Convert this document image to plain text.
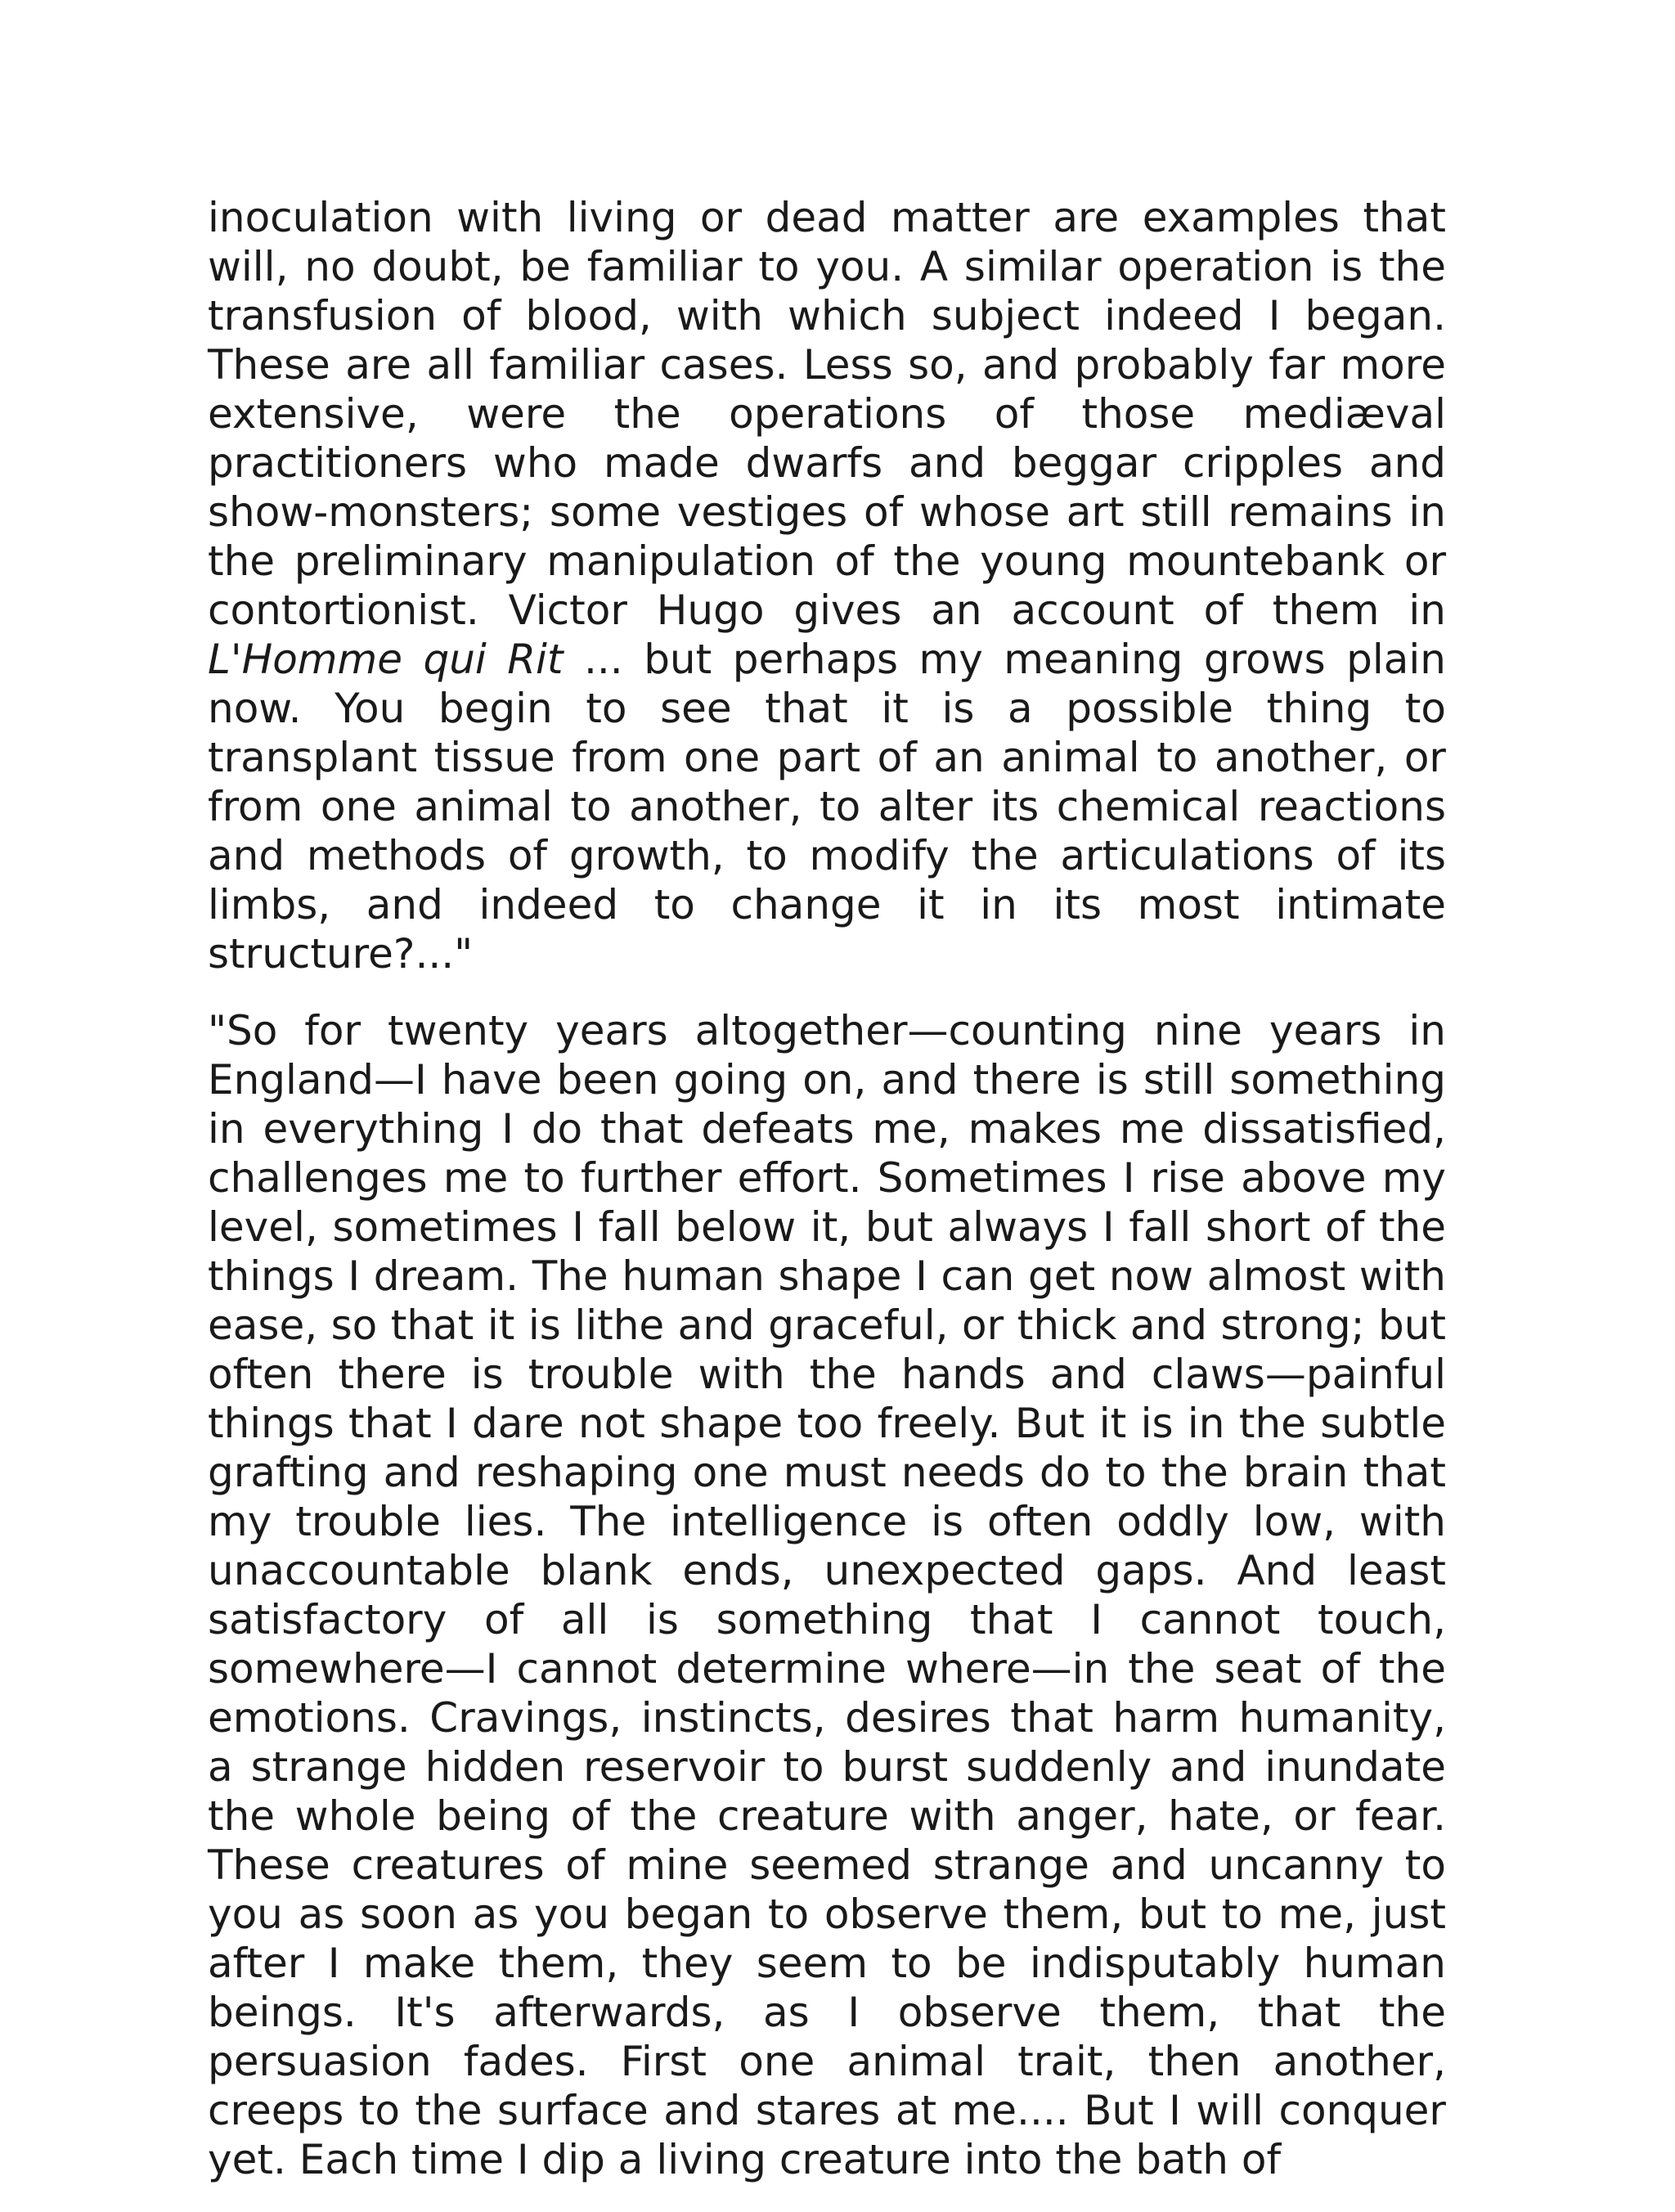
inoculation with living or dead matter are examples that will, no doubt, be familiar to you. A similar operation is the transfusion of blood, with which subject indeed I began. These are all familiar cases. Less so, and probably far more extensive, were the operations of those mediæval practitioners who made dwarfs and beggar cripples and show-monsters; some vestiges of whose art still remains in the preliminary manipulation of the young mountebank or contortionist. Victor Hugo gives an account of them in L'Homme qui Rit ... but perhaps my meaning grows plain now. You begin to see that it is a possible thing to transplant tissue from one part of an animal to another, or from one animal to another, to alter its chemical reactions and methods of growth, to modify the articulations of its limbs, and indeed to change it in its most intimate structure?..."

"So for twenty years altogether—counting nine years in England—I have been going on, and there is still something in everything I do that defeats me, makes me dissatisfied, challenges me to further effort. Sometimes I rise above my level, sometimes I fall below it, but always I fall short of the things I dream. The human shape I can get now almost with ease, so that it is lithe and graceful, or thick and strong; but often there is trouble with the hands and claws—painful things that I dare not shape too freely. But it is in the subtle grafting and reshaping one must needs do to the brain that my trouble lies. The intelligence is often oddly low, with unaccountable blank ends, unexpected gaps. And least satisfactory of all is something that I cannot touch, somewhere—I cannot determine where—in the seat of the emotions. Cravings, instincts, desires that harm humanity, a strange hidden reservoir to burst suddenly and inundate the whole being of the creature with anger, hate, or fear. These creatures of mine seemed strange and uncanny to you as soon as you began to observe them, but to me, just after I make them, they seem to be indisputably human beings. It's afterwards, as I observe them, that the persuasion fades. First one animal trait, then another, creeps to the surface and stares at me.... But I will conquer yet. Each time I dip a living creature into the bath of
